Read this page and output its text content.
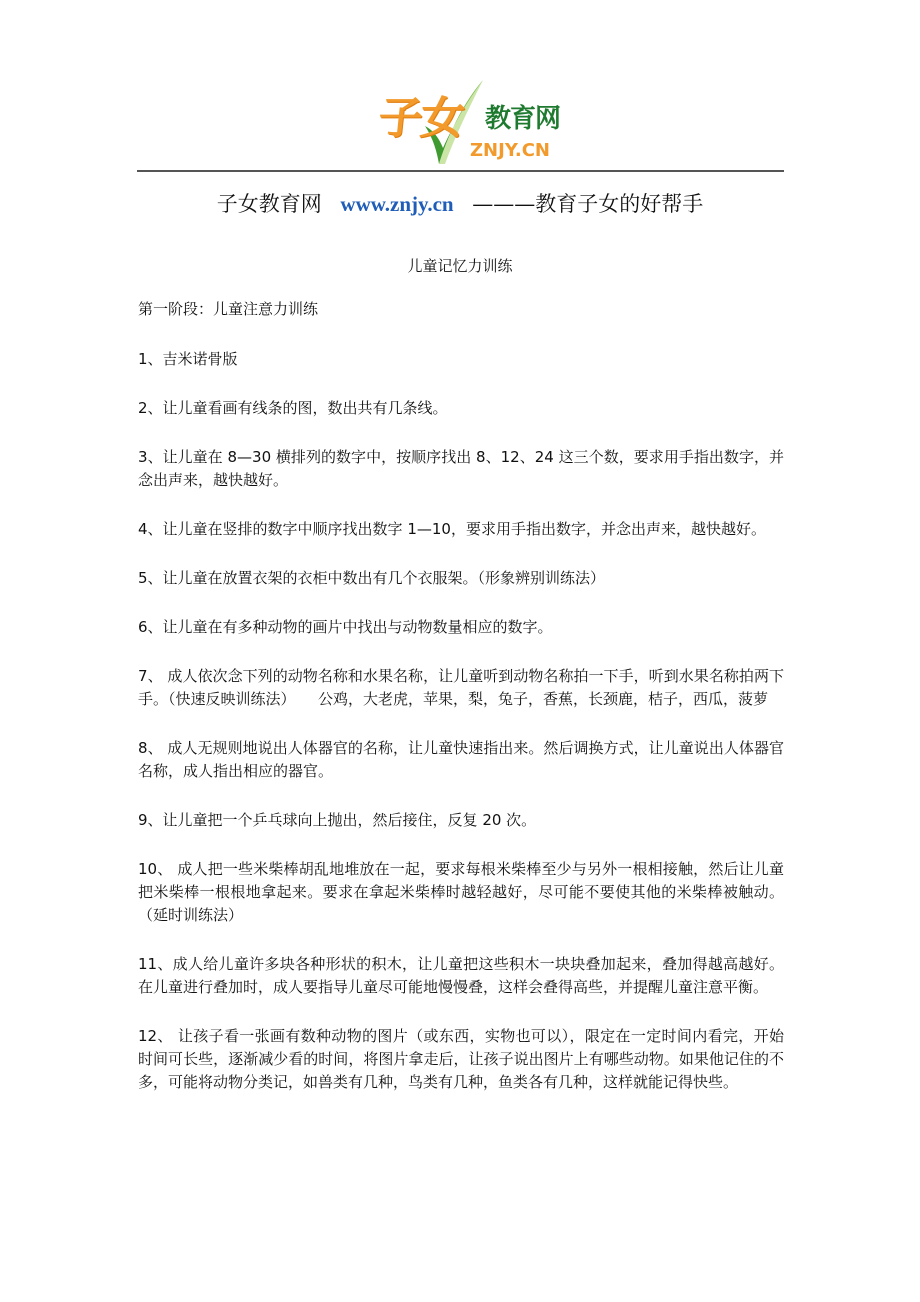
子女 教育网
ZNJY.CN
子女教育网 www.znjy.cn ———教育子女的好帮手
儿童记忆力训练

第一阶段：儿童注意力训练

1、吉米诺骨版

2、让儿童看画有线条的图，数出共有几条线。

3、让儿童在 8—30 横排列的数字中，按顺序找出 8、12、24 这三个数，要求用手指出数字，并念出声来，越快越好。

4、让儿童在竖排的数字中顺序找出数字 1—10，要求用手指出数字，并念出声来，越快越好。

5、让儿童在放置衣架的衣柜中数出有几个衣服架。（形象辨别训练法）

6、让儿童在有多种动物的画片中找出与动物数量相应的数字。

7、 成人依次念下列的动物名称和水果名称，让儿童听到动物名称拍一下手，听到水果名称拍两下手。（快速反映训练法）　　公鸡，大老虎，苹果，梨，兔子，香蕉，长颈鹿，桔子，西瓜，菠萝

8、 成人无规则地说出人体器官的名称，让儿童快速指出来。然后调换方式，让儿童说出人体器官名称，成人指出相应的器官。

9、让儿童把一个乒乓球向上抛出，然后接住，反复 20 次。

10、 成人把一些米柴棒胡乱地堆放在一起，要求每根米柴棒至少与另外一根相接触，然后让儿童把米柴棒一根根地拿起来。要求在拿起米柴棒时越轻越好，尽可能不要使其他的米柴棒被触动。（延时训练法）

11、成人给儿童许多块各种形状的积木，让儿童把这些积木一块块叠加起来，叠加得越高越好。在儿童进行叠加时，成人要指导儿童尽可能地慢慢叠，这样会叠得高些，并提醒儿童注意平衡。

12、 让孩子看一张画有数种动物的图片（或东西，实物也可以），限定在一定时间内看完，开始时间可长些，逐渐减少看的时间，将图片拿走后，让孩子说出图片上有哪些动物。如果他记住的不多，可能将动物分类记，如兽类有几种，鸟类有几种，鱼类各有几种，这样就能记得快些。
